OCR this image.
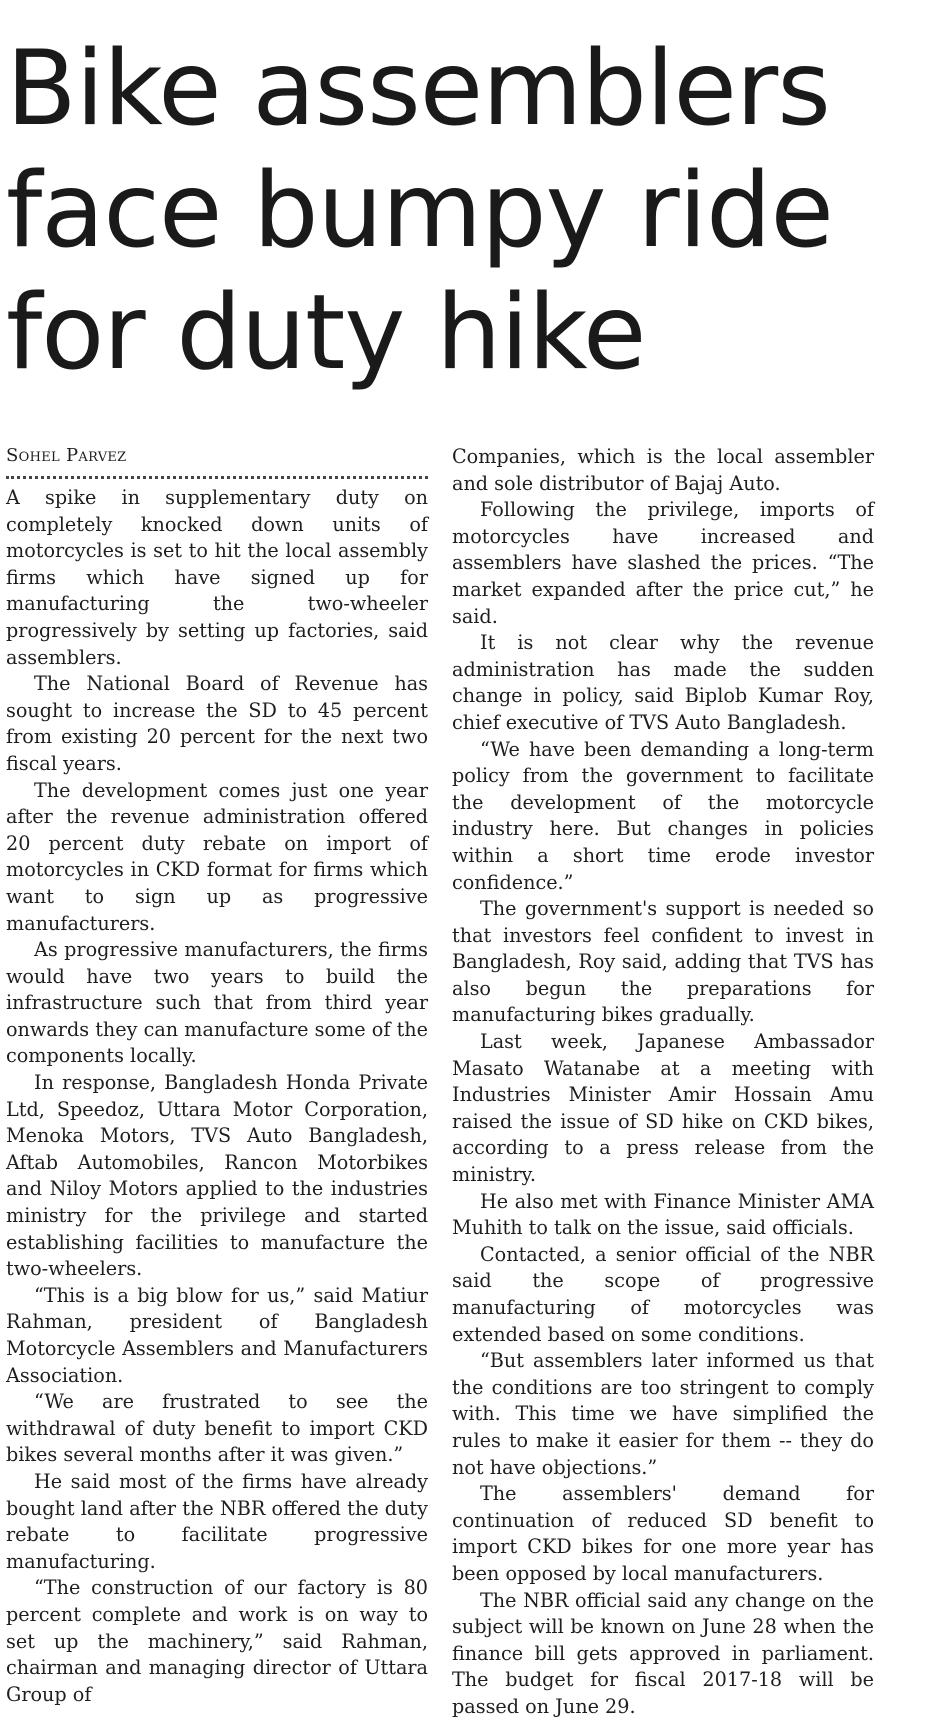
Bike assemblers
face bumpy ride
for duty hike
Sohel Parvez

A spike in supplementary duty on completely knocked down units of motorcycles is set to hit the local assembly firms which have signed up for manufacturing the two-wheeler progressively by setting up factories, said assemblers.

The National Board of Revenue has sought to increase the SD to 45 percent from existing 20 percent for the next two fiscal years.

The development comes just one year after the revenue administration offered 20 percent duty rebate on import of motorcycles in CKD format for firms which want to sign up as progressive manufacturers.

As progressive manufacturers, the firms would have two years to build the infrastructure such that from third year onwards they can manufacture some of the components locally.

In response, Bangladesh Honda Private Ltd, Speedoz, Uttara Motor Corporation, Menoka Motors, TVS Auto Bangladesh, Aftab Automobiles, Rancon Motorbikes and Niloy Motors applied to the industries ministry for the privilege and started establishing facilities to manufacture the two-wheelers.

“This is a big blow for us,” said Matiur Rahman, president of Bangladesh Motorcycle Assemblers and Manufacturers Association.

“We are frustrated to see the withdrawal of duty benefit to import CKD bikes several months after it was given.”

He said most of the firms have already bought land after the NBR offered the duty rebate to facilitate progressive manufacturing.

“The construction of our factory is 80 percent complete and work is on way to set up the machinery,” said Rahman, chairman and managing director of Uttara Group of

Companies, which is the local assembler and sole distributor of Bajaj Auto.

Following the privilege, imports of motorcycles have increased and assemblers have slashed the prices. “The market expanded after the price cut,” he said.

It is not clear why the revenue administration has made the sudden change in policy, said Biplob Kumar Roy, chief executive of TVS Auto Bangladesh.

“We have been demanding a long-term policy from the government to facilitate the development of the motorcycle industry here. But changes in policies within a short time erode investor confidence.”

The government's support is needed so that investors feel confident to invest in Bangladesh, Roy said, adding that TVS has also begun the preparations for manufacturing bikes gradually.

Last week, Japanese Ambassador Masato Watanabe at a meeting with Industries Minister Amir Hossain Amu raised the issue of SD hike on CKD bikes, according to a press release from the ministry.

He also met with Finance Minister AMA Muhith to talk on the issue, said officials.

Contacted, a senior official of the NBR said the scope of progressive manufacturing of motorcycles was extended based on some conditions.

“But assemblers later informed us that the conditions are too stringent to comply with. This time we have simplified the rules to make it easier for them -- they do not have objections.”

The assemblers' demand for continuation of reduced SD benefit to import CKD bikes for one more year has been opposed by local manufacturers.

The NBR official said any change on the subject will be known on June 28 when the finance bill gets approved in parliament. The budget for fiscal 2017-18 will be passed on June 29.
